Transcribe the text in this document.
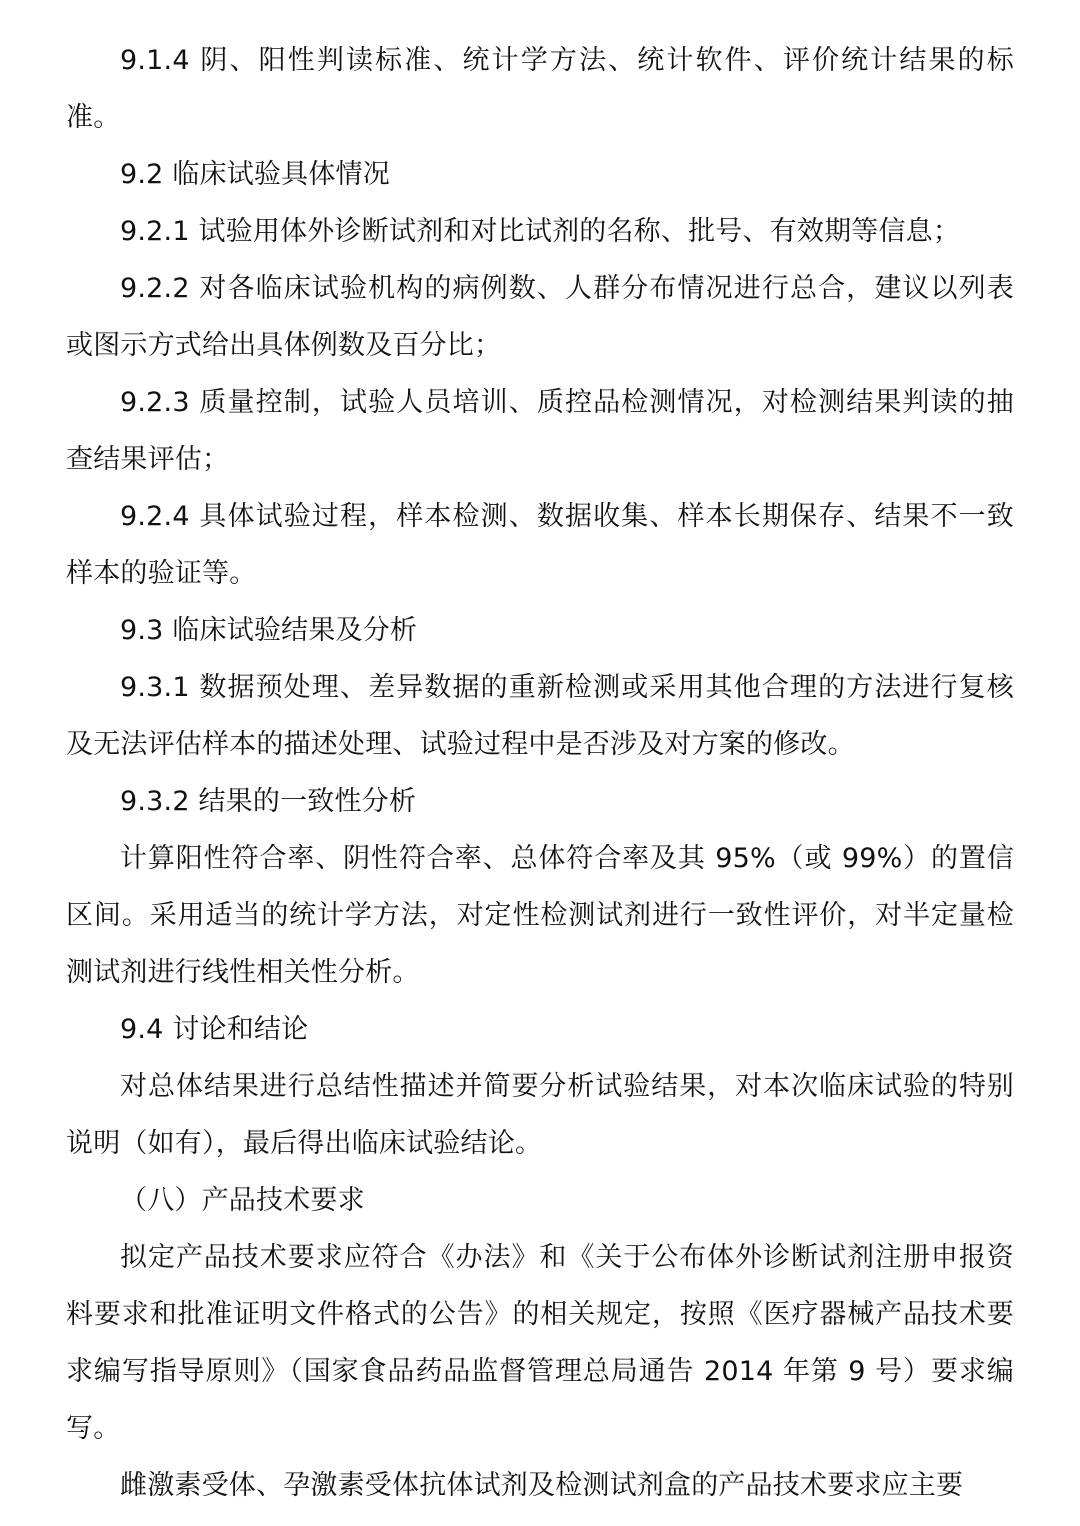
9.1.4 阴、阳性判读标准、统计学方法、统计软件、评价统计结果的标准。

9.2 临床试验具体情况

9.2.1 试验用体外诊断试剂和对比试剂的名称、批号、有效期等信息；

9.2.2 对各临床试验机构的病例数、人群分布情况进行总合，建议以列表或图示方式给出具体例数及百分比；

9.2.3 质量控制，试验人员培训、质控品检测情况，对检测结果判读的抽查结果评估；

9.2.4 具体试验过程，样本检测、数据收集、样本长期保存、结果不一致样本的验证等。

9.3 临床试验结果及分析

9.3.1 数据预处理、差异数据的重新检测或采用其他合理的方法进行复核及无法评估样本的描述处理、试验过程中是否涉及对方案的修改。

9.3.2 结果的一致性分析

计算阳性符合率、阴性符合率、总体符合率及其 95%（或 99%）的置信区间。采用适当的统计学方法，对定性检测试剂进行一致性评价，对半定量检测试剂进行线性相关性分析。

9.4 讨论和结论

对总体结果进行总结性描述并简要分析试验结果，对本次临床试验的特别说明（如有），最后得出临床试验结论。

（八）产品技术要求

拟定产品技术要求应符合《办法》和《关于公布体外诊断试剂注册申报资料要求和批准证明文件格式的公告》的相关规定，按照《医疗器械产品技术要求编写指导原则》（国家食品药品监督管理总局通告 2014 年第 9 号）要求编写。

雌激素受体、孕激素受体抗体试剂及检测试剂盒的产品技术要求应主要
